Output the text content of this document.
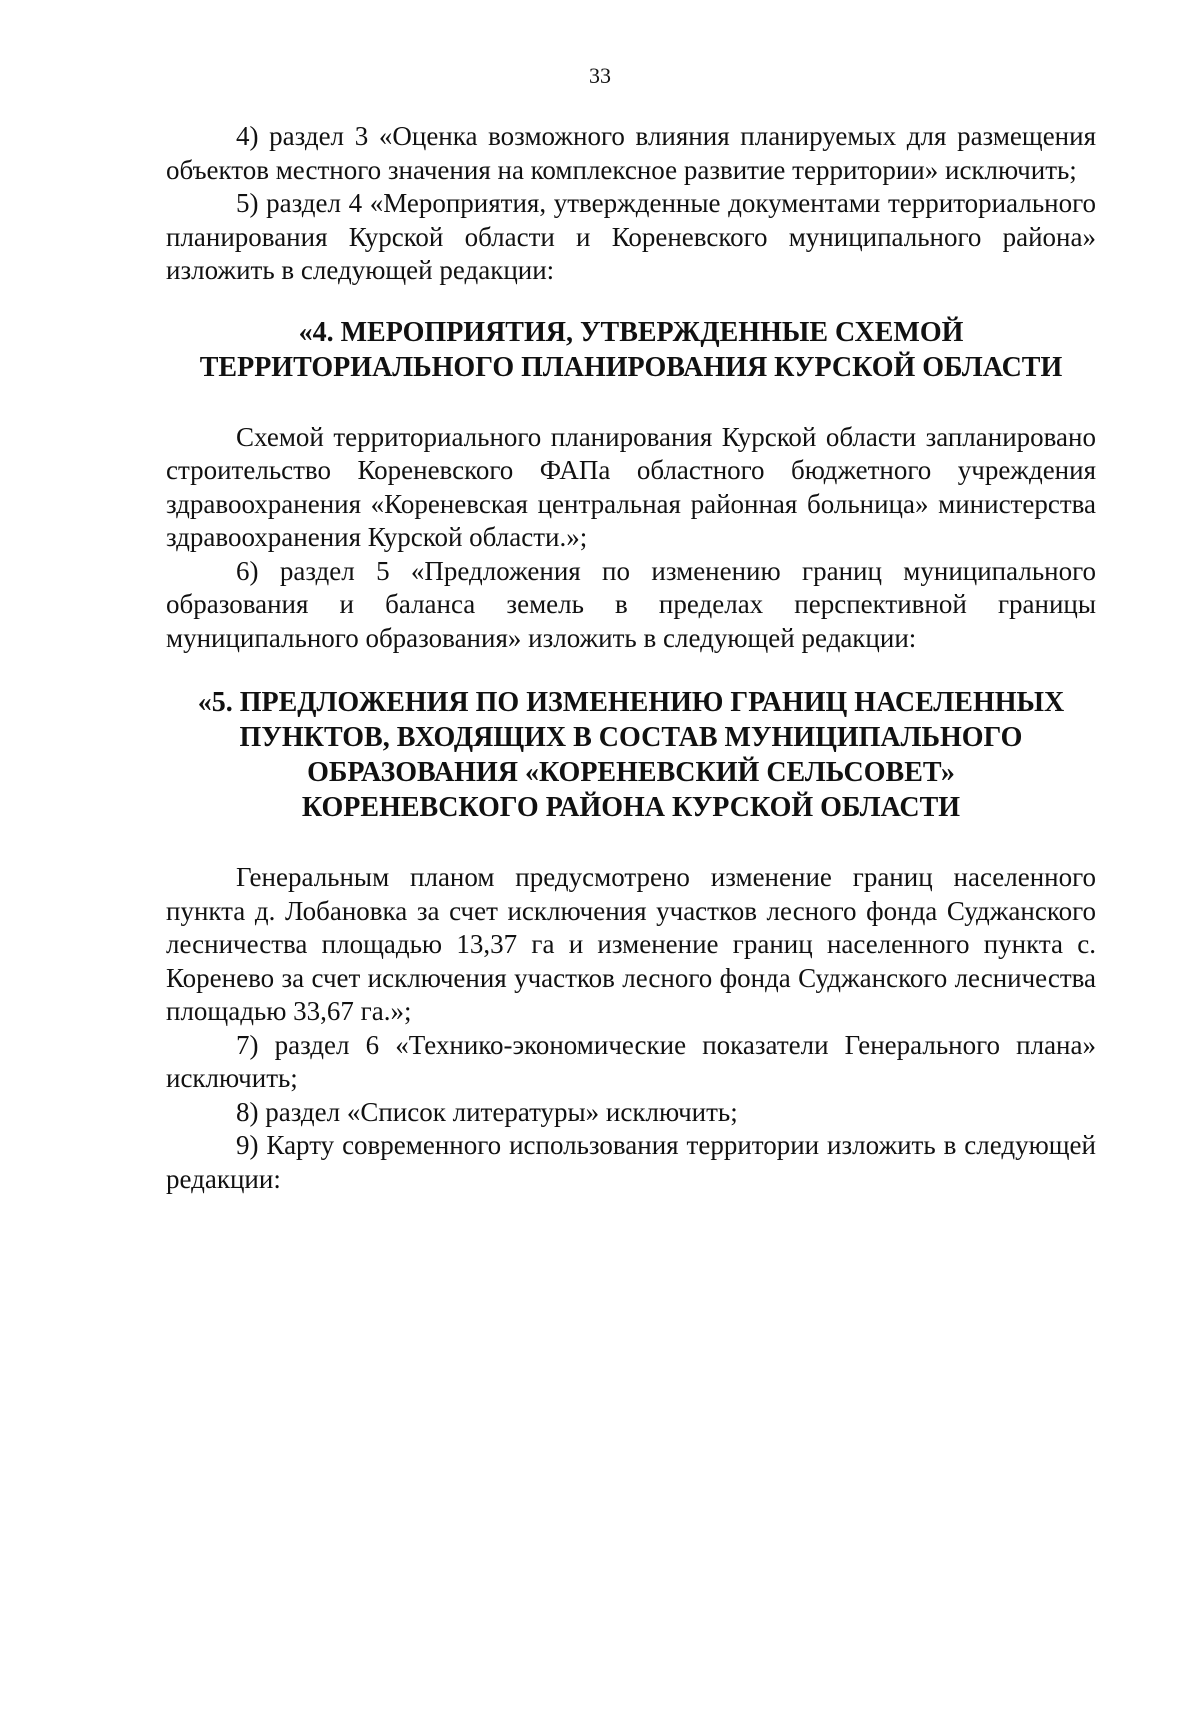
33

4) раздел 3 «Оценка возможного влияния планируемых для размещения объектов местного значения на комплексное развитие территории» исключить;

5) раздел 4 «Мероприятия, утвержденные документами территориального планирования Курской области и Кореневского муниципального района» изложить в следующей редакции:

«4. МЕРОПРИЯТИЯ, УТВЕРЖДЕННЫЕ СХЕМОЙ
ТЕРРИТОРИАЛЬНОГО ПЛАНИРОВАНИЯ КУРСКОЙ ОБЛАСТИ

Схемой территориального планирования Курской области запланировано строительство Кореневского ФАПа областного бюджетного учреждения здравоохранения «Кореневская центральная районная больница» министерства здравоохранения Курской области.»;

6) раздел 5 «Предложения по изменению границ муниципального образования и баланса земель в пределах перспективной границы муниципального образования» изложить в следующей редакции:

«5. ПРЕДЛОЖЕНИЯ ПО ИЗМЕНЕНИЮ ГРАНИЦ НАСЕЛЕННЫХ
ПУНКТОВ, ВХОДЯЩИХ В СОСТАВ МУНИЦИПАЛЬНОГО
ОБРАЗОВАНИЯ «КОРЕНЕВСКИЙ СЕЛЬСОВЕТ»
КОРЕНЕВСКОГО РАЙОНА КУРСКОЙ ОБЛАСТИ

Генеральным планом предусмотрено изменение границ населенного пункта д. Лобановка за счет исключения участков лесного фонда Суджанского лесничества площадью 13,37 га и изменение границ населенного пункта с. Коренево за счет исключения участков лесного фонда Суджанского лесничества площадью 33,67 га.»;

7) раздел 6 «Технико-экономические показатели Генерального плана» исключить;

8) раздел «Список литературы» исключить;

9) Карту современного использования территории изложить в следующей редакции:
